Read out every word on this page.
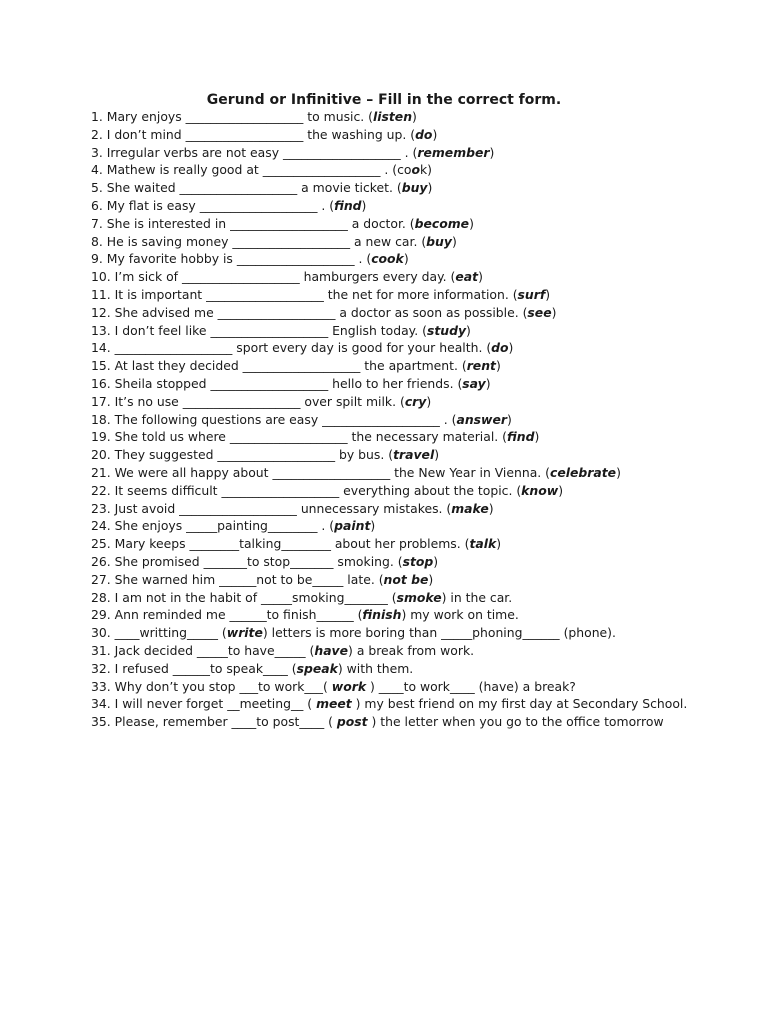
Gerund or Infinitive – Fill in the correct form.
1. Mary enjoys ___________________ to music. (listen)
2. I don’t mind ___________________ the washing up. (do)
3. Irregular verbs are not easy ___________________ . (remember)
4. Mathew is really good at ___________________ . (cook)
5. She waited ___________________ a movie ticket. (buy)
6. My flat is easy ___________________ . (find)
7. She is interested in ___________________ a doctor. (become)
8. He is saving money ___________________ a new car. (buy)
9. My favorite hobby is ___________________ . (cook)
10. I’m sick of ___________________ hamburgers every day. (eat)
11. It is important ___________________ the net for more information. (surf)
12. She advised me ___________________ a doctor as soon as possible. (see)
13. I don’t feel like ___________________ English today. (study)
14. ___________________ sport every day is good for your health. (do)
15. At last they decided ___________________ the apartment. (rent)
16. Sheila stopped ___________________ hello to her friends. (say)
17. It’s no use ___________________ over spilt milk. (cry)
18. The following questions are easy ___________________ . (answer)
19. She told us where ___________________ the necessary material. (find)
20. They suggested ___________________ by bus. (travel)
21. We were all happy about ___________________ the New Year in Vienna. (celebrate)
22. It seems difficult ___________________ everything about the topic. (know)
23. Just avoid ___________________ unnecessary mistakes. (make)
24. She enjoys _____painting________ . (paint)
25. Mary keeps ________talking________ about her problems. (talk)
26. She promised _______to stop_______ smoking. (stop)
27. She warned him ______not to be_____ late. (not be)
28. I am not in the habit of _____smoking_______ (smoke) in the car.
29. Ann reminded me ______to finish______ (finish) my work on time.
30. ____writting_____ (write) letters is more boring than _____phoning______ (phone).
31. Jack decided _____to have_____ (have) a break from work.
32. I refused ______to speak____ (speak) with them.
33. Why don’t you stop ___to work___( work ) ____to work____ (have) a break?
34. I will never forget __meeting__ ( meet ) my best friend on my first day at Secondary School.
35. Please, remember ____to post____ ( post ) the letter when you go to the office tomorrow
